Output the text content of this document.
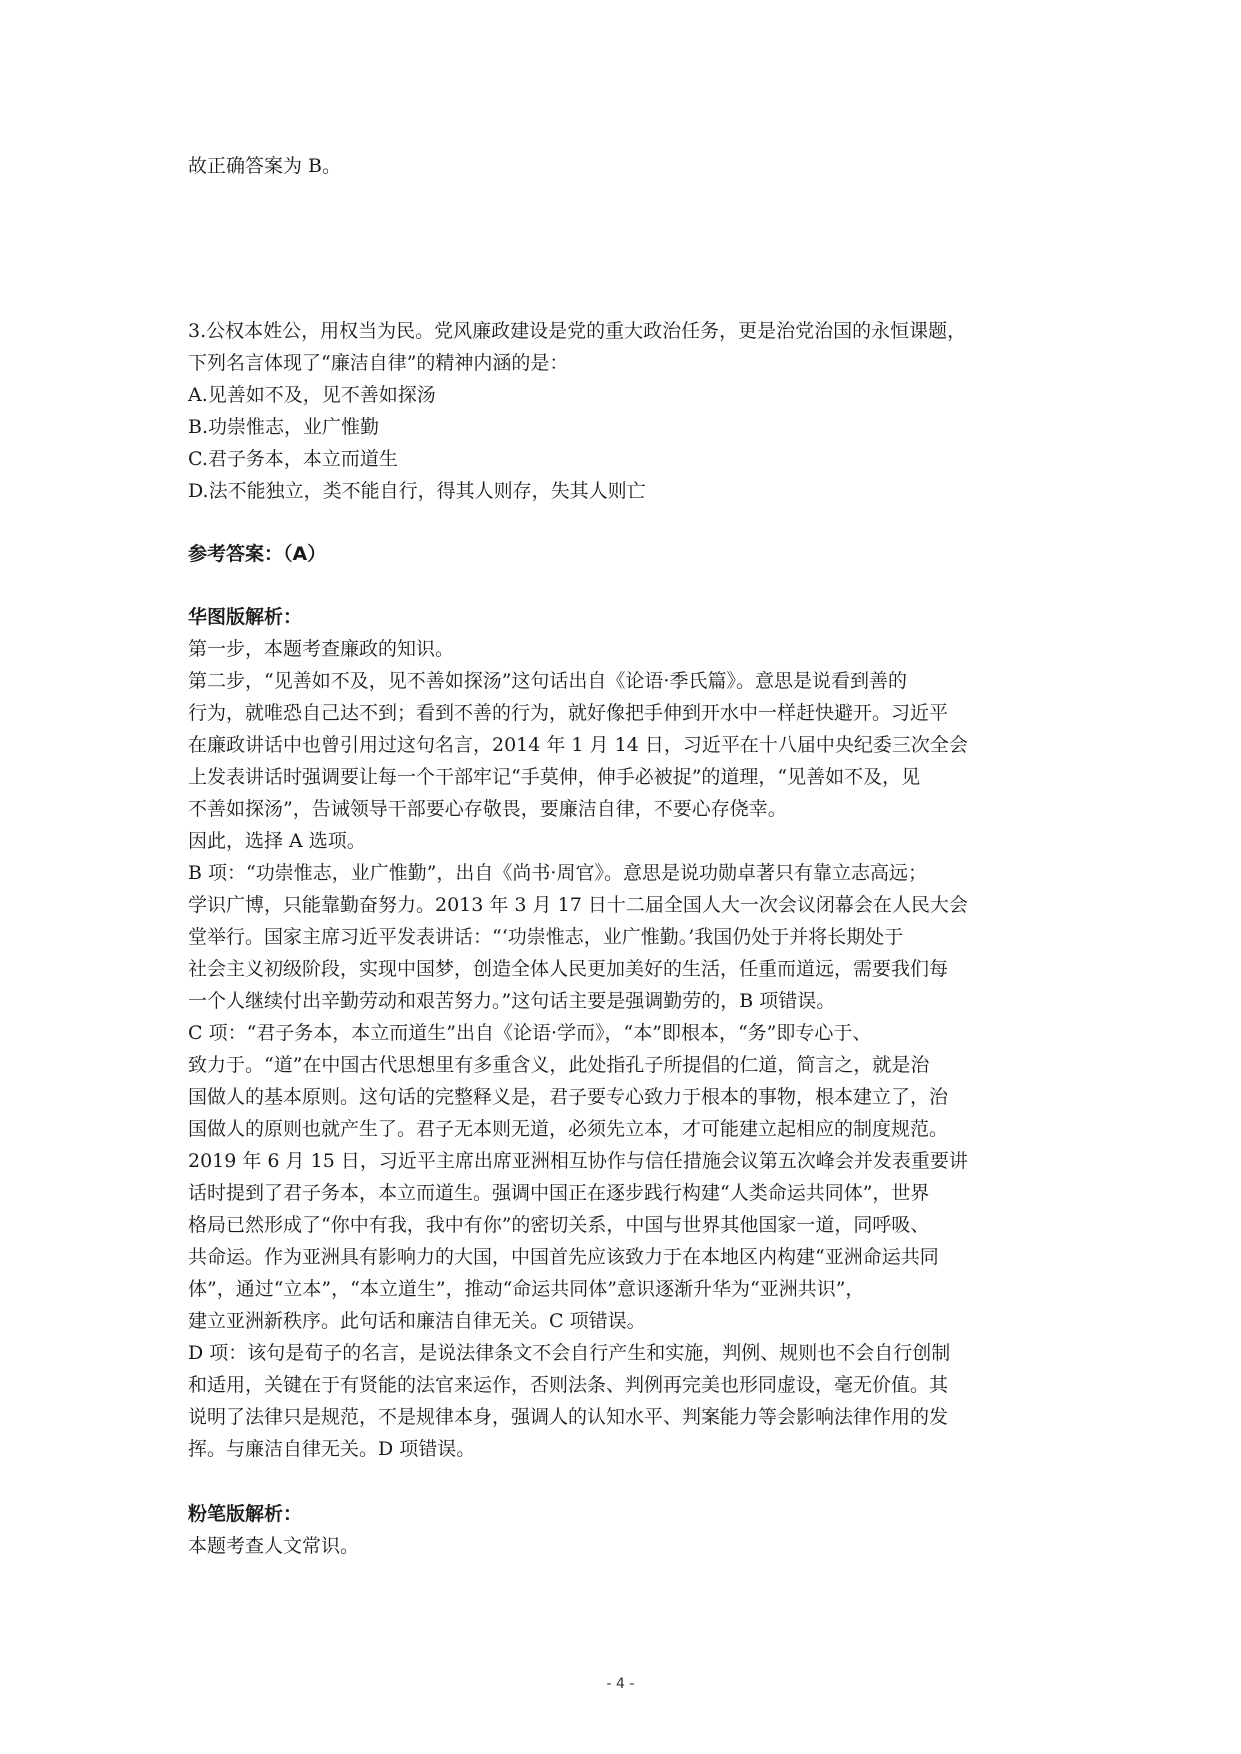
故正确答案为 B。
3.公权本姓公，用权当为民。党风廉政建设是党的重大政治任务，更是治党治国的永恒课题，
下列名言体现了“廉洁自律”的精神内涵的是：
A.见善如不及，见不善如探汤
B.功崇惟志，业广惟勤
C.君子务本，本立而道生
D.法不能独立，类不能自行，得其人则存，失其人则亡
参考答案：（A）
华图版解析：
第一步，本题考查廉政的知识。
第二步，“见善如不及，见不善如探汤”这句话出自《论语·季氏篇》。意思是说看到善的
行为，就唯恐自己达不到；看到不善的行为，就好像把手伸到开水中一样赶快避开。习近平
在廉政讲话中也曾引用过这句名言，2014 年 1 月 14 日，习近平在十八届中央纪委三次全会
上发表讲话时强调要让每一个干部牢记“手莫伸，伸手必被捉”的道理，“见善如不及，见
不善如探汤”，告诫领导干部要心存敬畏，要廉洁自律，不要心存侥幸。
因此，选择 A 选项。
B 项：“功崇惟志，业广惟勤”，出自《尚书·周官》。意思是说功勋卓著只有靠立志高远；
学识广博，只能靠勤奋努力。2013 年 3 月 17 日十二届全国人大一次会议闭幕会在人民大会
堂举行。国家主席习近平发表讲话：“‘功崇惟志，业广惟勤。’我国仍处于并将长期处于
社会主义初级阶段，实现中国梦，创造全体人民更加美好的生活，任重而道远，需要我们每
一个人继续付出辛勤劳动和艰苦努力。”这句话主要是强调勤劳的，B 项错误。
C 项：“君子务本，本立而道生”出自《论语·学而》，“本”即根本，“务”即专心于、
致力于。“道”在中国古代思想里有多重含义，此处指孔子所提倡的仁道，简言之，就是治
国做人的基本原则。这句话的完整释义是，君子要专心致力于根本的事物，根本建立了，治
国做人的原则也就产生了。君子无本则无道，必须先立本，才可能建立起相应的制度规范。
2019 年 6 月 15 日，习近平主席出席亚洲相互协作与信任措施会议第五次峰会并发表重要讲
话时提到了君子务本，本立而道生。强调中国正在逐步践行构建“人类命运共同体”，世界
格局已然形成了“你中有我，我中有你”的密切关系，中国与世界其他国家一道，同呼吸、
共命运。作为亚洲具有影响力的大国，中国首先应该致力于在本地区内构建“亚洲命运共同
体”，通过“立本”，“本立道生”，推动“命运共同体”意识逐渐升华为“亚洲共识”，
建立亚洲新秩序。此句话和廉洁自律无关。C 项错误。
D 项：该句是荀子的名言，是说法律条文不会自行产生和实施，判例、规则也不会自行创制
和适用，关键在于有贤能的法官来运作，否则法条、判例再完美也形同虚设，毫无价值。其
说明了法律只是规范，不是规律本身，强调人的认知水平、判案能力等会影响法律作用的发
挥。与廉洁自律无关。D 项错误。
粉笔版解析：
本题考查人文常识。
- 4 -
